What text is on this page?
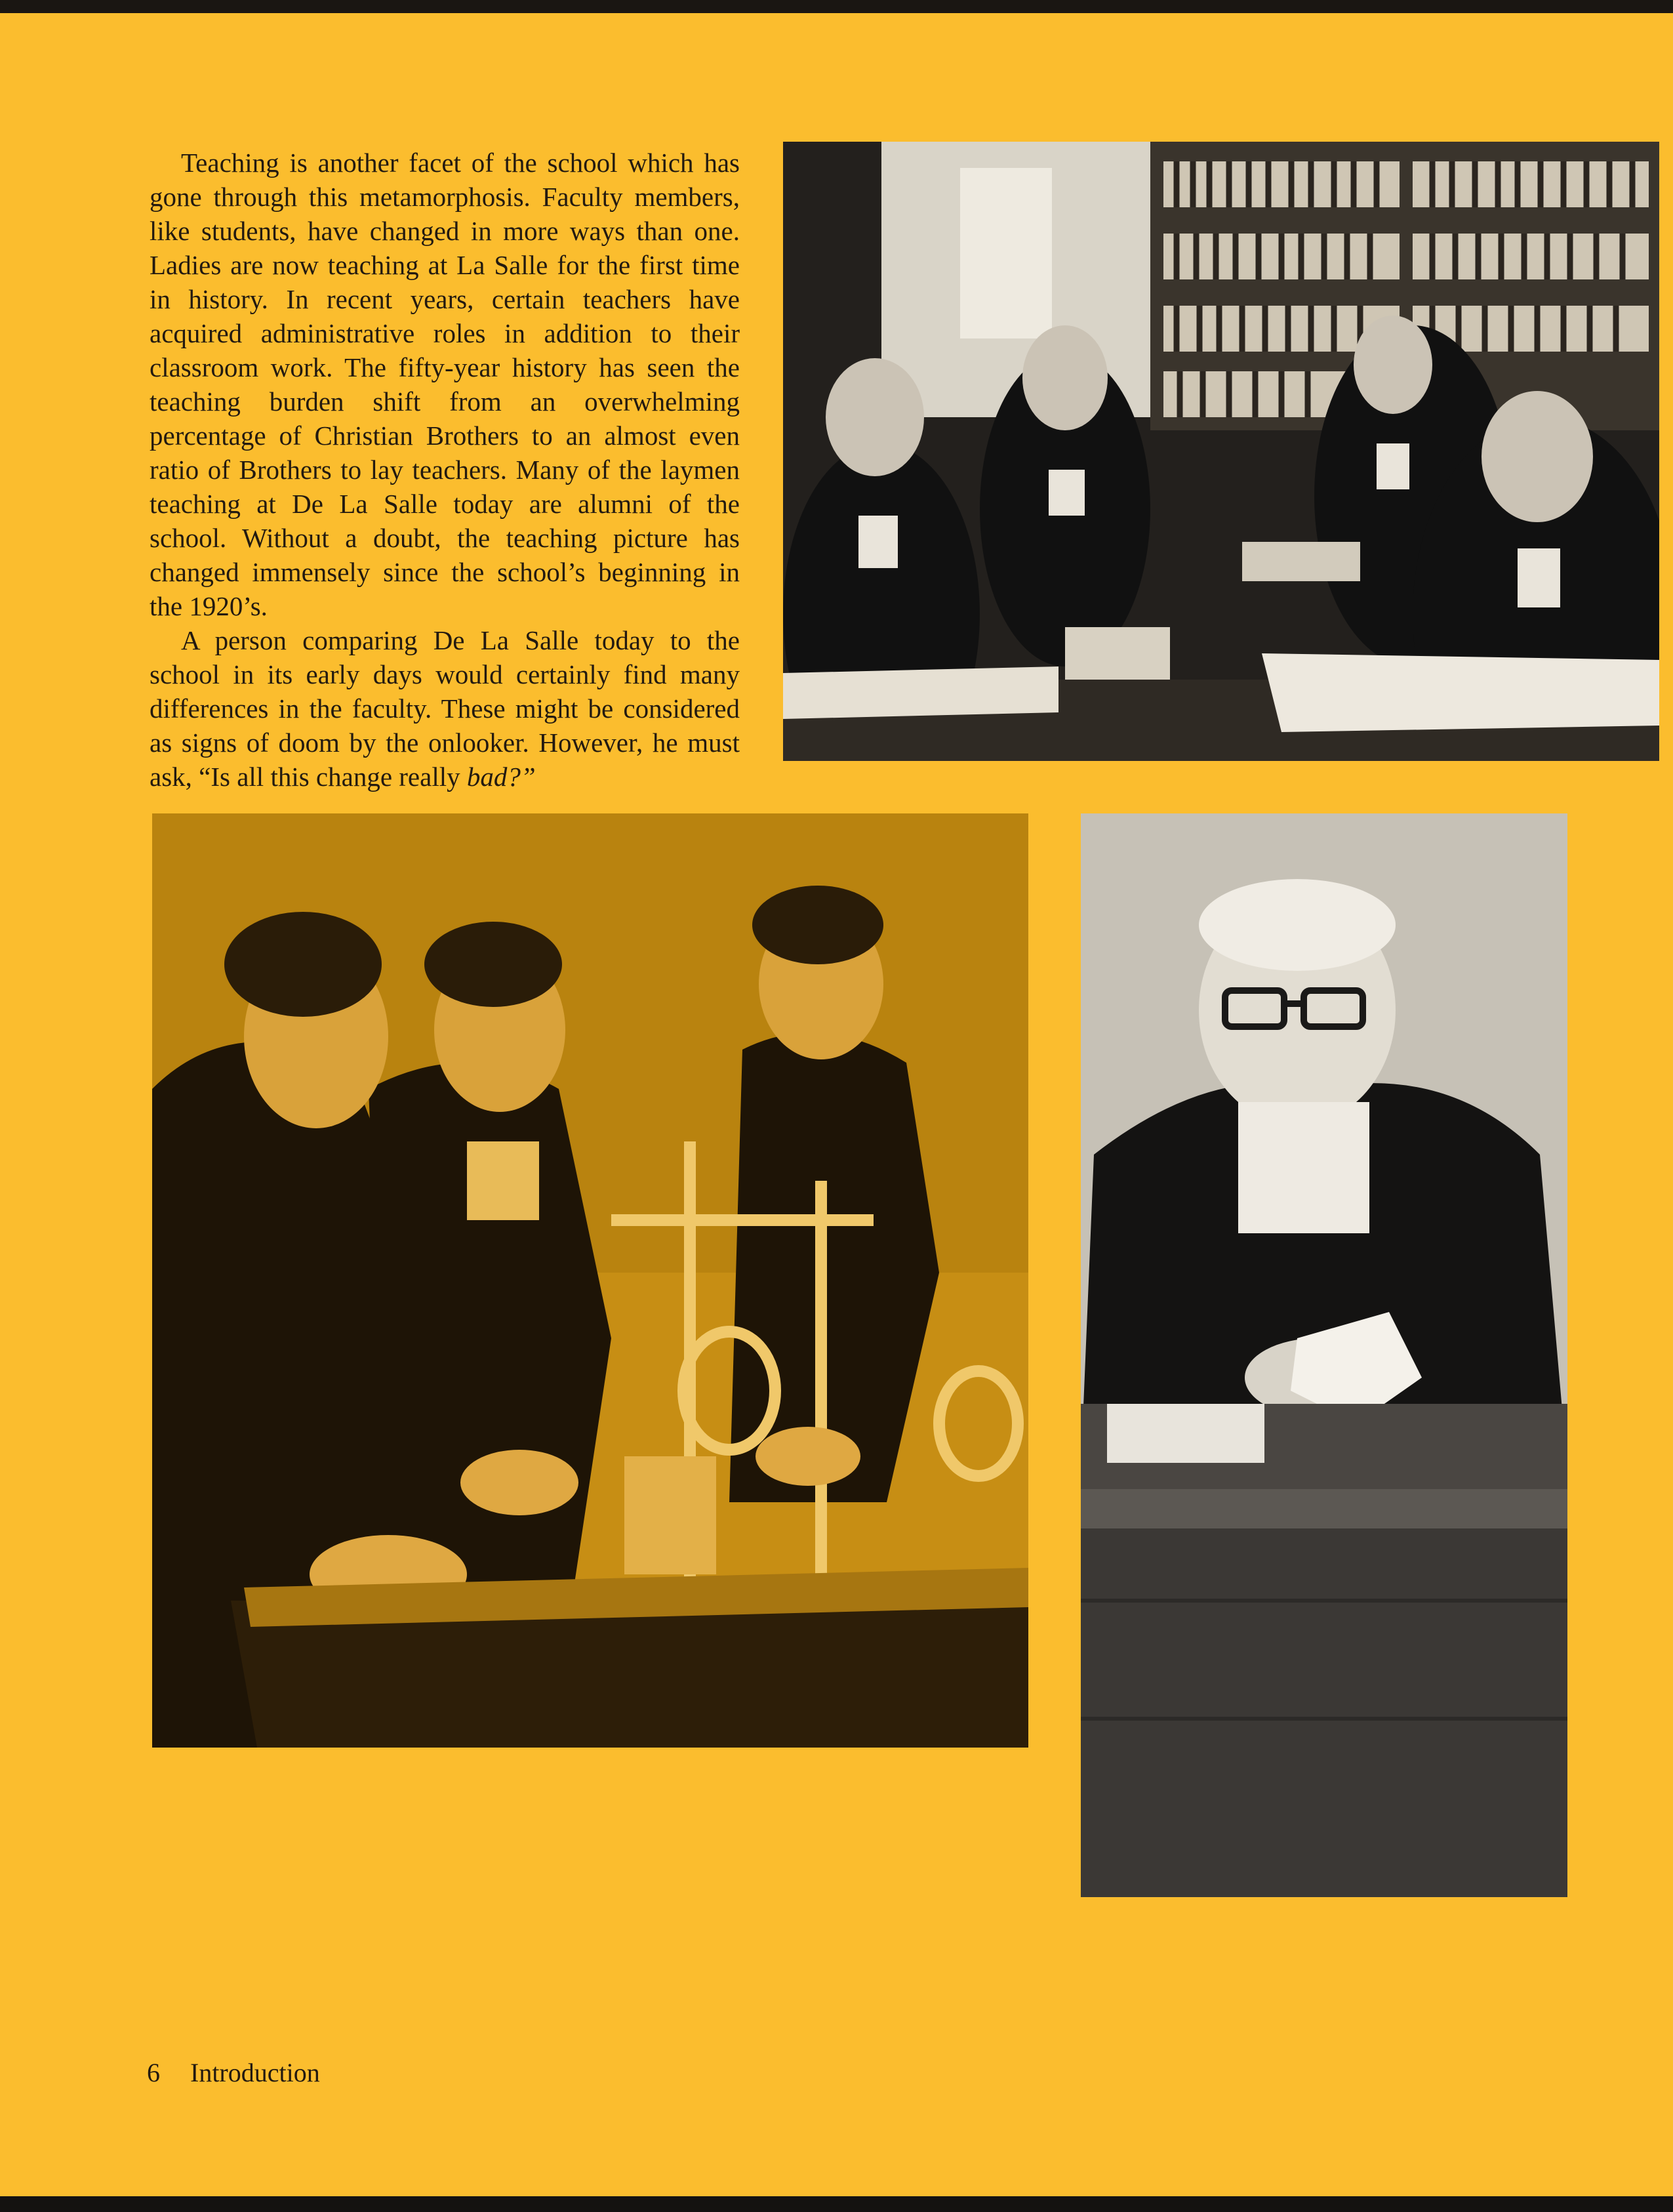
Teaching is another facet of the school which has gone through this metamorphosis. Faculty members, like students, have changed in more ways than one. Ladies are now teaching at La Salle for the first time in history. In recent years, certain teachers have acquired administrative roles in addition to their classroom work. The fifty-year history has seen the teaching burden shift from an overwhelming percentage of Christian Brothers to an almost even ratio of Brothers to lay teachers. Many of the laymen teaching at De La Salle today are alumni of the school. Without a doubt, the teaching picture has changed immensely since the school’s beginning in the 1920’s.

A person comparing De La Salle today to the school in its early days would certainly find many differences in the faculty. These might be considered as signs of doom by the onlooker. However, he must ask, “Is all this change really bad?”

6 Introduction
